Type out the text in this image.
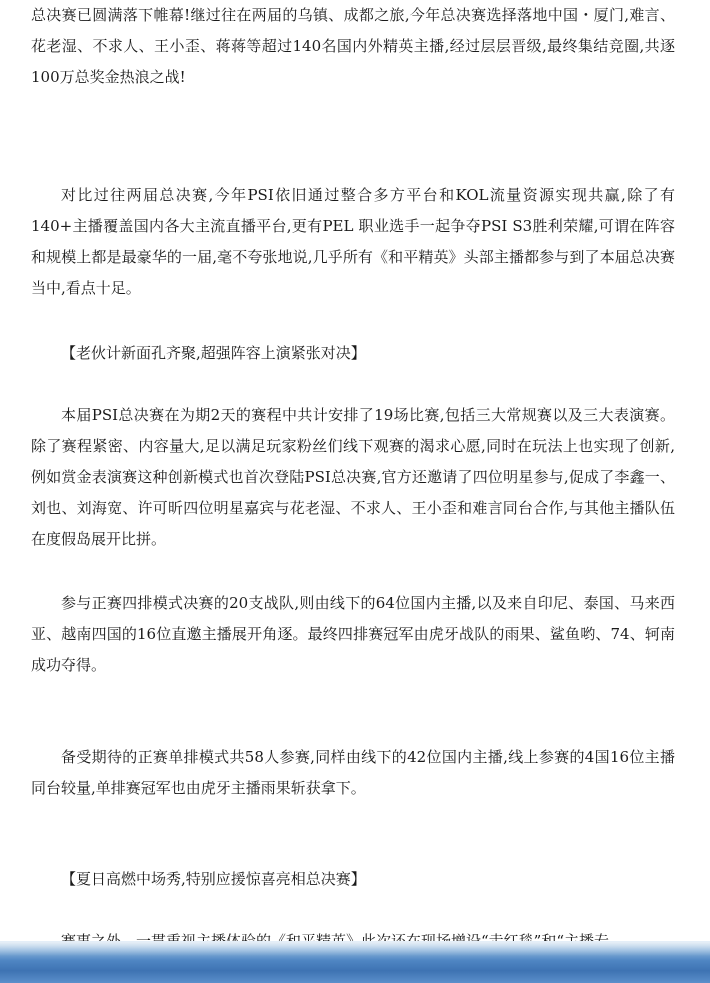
总决赛已圆满落下帷幕!继过往在两届的乌镇、成都之旅,今年总决赛选择落地中国・厦门,难言、花老湿、不求人、王小歪、蒋蒋等超过140名国内外精英主播,经过层层晋级,最终集结竞圈,共逐100万总奖金热浪之战!

对比过往两届总决赛,今年PSI依旧通过整合多方平台和KOL流量资源实现共赢,除了有140+主播覆盖国内各大主流直播平台,更有PEL 职业选手一起争夺PSI S3胜利荣耀,可谓在阵容和规模上都是最豪华的一届,毫不夸张地说,几乎所有《和平精英》头部主播都参与到了本届总决赛当中,看点十足。

【老伙计新面孔齐聚,超强阵容上演紧张对决】

本届PSI总决赛在为期2天的赛程中共计安排了19场比赛,包括三大常规赛以及三大表演赛。除了赛程紧密、内容量大,足以满足玩家粉丝们线下观赛的渴求心愿,同时在玩法上也实现了创新,例如赏金表演赛这种创新模式也首次登陆PSI总决赛,官方还邀请了四位明星参与,促成了李鑫一、刘也、刘海宽、许可昕四位明星嘉宾与花老湿、不求人、王小歪和难言同台合作,与其他主播队伍在度假岛展开比拼。

参与正赛四排模式决赛的20支战队,则由线下的64位国内主播,以及来自印尼、泰国、马来西亚、越南四国的16位直邀主播展开角逐。最终四排赛冠军由虎牙战队的雨果、鲨鱼哟、74、轲南成功夺得。

备受期待的正赛单排模式共58人参赛,同样由线下的42位国内主播,线上参赛的4国16位主播同台较量,单排赛冠军也由虎牙主播雨果斩获拿下。

【夏日高燃中场秀,特别应援惊喜亮相总决赛】
